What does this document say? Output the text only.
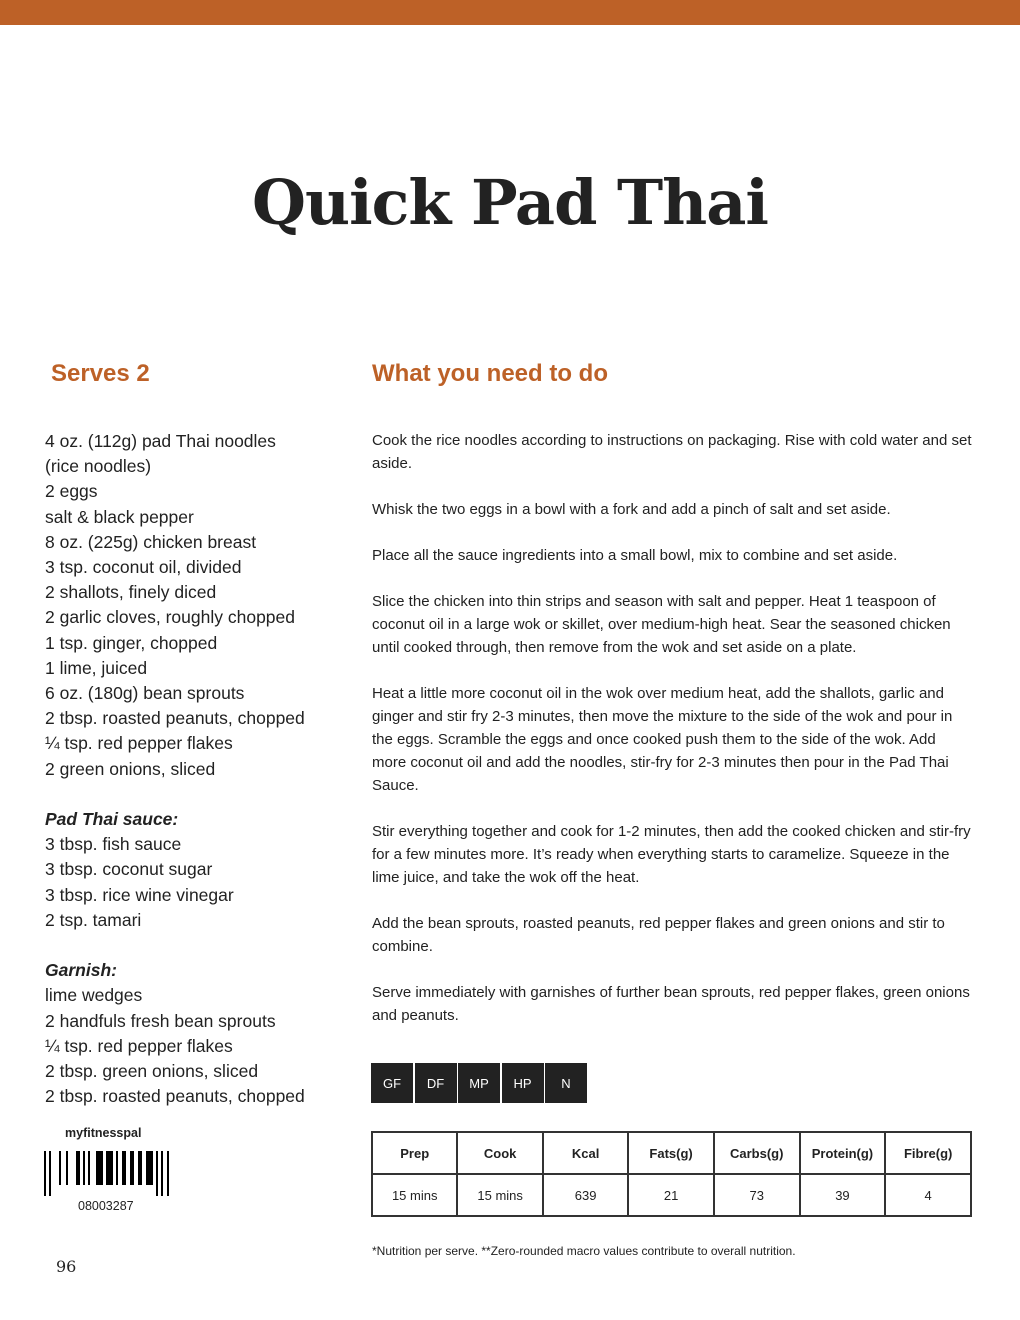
Quick Pad Thai
Serves 2	What you need to do
4 oz. (112g) pad Thai noodles
(rice noodles)
2 eggs
salt & black pepper
8 oz. (225g) chicken breast
3 tsp. coconut oil, divided
2 shallots, finely diced
2 garlic cloves, roughly chopped
1 tsp. ginger, chopped
1 lime, juiced
6 oz. (180g) bean sprouts
2 tbsp. roasted peanuts, chopped
¼ tsp. red pepper flakes
2 green onions, sliced
Pad Thai sauce:
3 tbsp. fish sauce
3 tbsp. coconut sugar
3 tbsp. rice wine vinegar
2 tsp. tamari
Garnish:
lime wedges
2 handfuls fresh bean sprouts
¼ tsp. red pepper flakes
2 tbsp. green onions, sliced
2 tbsp. roasted peanuts, chopped

Cook the rice noodles according to instructions on packaging. Rise with cold water and set aside.

Whisk the two eggs in a bowl with a fork and add a pinch of salt and set aside.

Place all the sauce ingredients into a small bowl, mix to combine and set aside.

Slice the chicken into thin strips and season with salt and pepper. Heat 1 teaspoon of coconut oil in a large wok or skillet, over medium-high heat. Sear the seasoned chicken until cooked through, then remove from the wok and set aside on a plate.

Heat a little more coconut oil in the wok over medium heat, add the shallots, garlic and ginger and stir fry 2-3 minutes, then move the mixture to the side of the wok and pour in the eggs. Scramble the eggs and once cooked push them to the side of the wok. Add more coconut oil and add the noodles, stir-fry for 2-3 minutes then pour in the Pad Thai Sauce.

Stir everything together and cook for 1-2 minutes, then add the cooked chicken and stir-fry for a few minutes more. It’s ready when everything starts to caramelize. Squeeze in the lime juice, and take the wok off the heat.

Add the bean sprouts, roasted peanuts, red pepper flakes and green onions and stir to combine.

Serve immediately with garnishes of further bean sprouts, red pepper flakes, green onions and peanuts.

GF	DF	MP	HP	N
Prep	Cook	Kcal	Fats(g)	Carbs(g)	Protein(g)	Fibre(g)
15 mins	15 mins	639	21	73	39	4
*Nutrition per serve. **Zero-rounded macro values contribute to overall nutrition.
myfitnesspal
08003287
96
